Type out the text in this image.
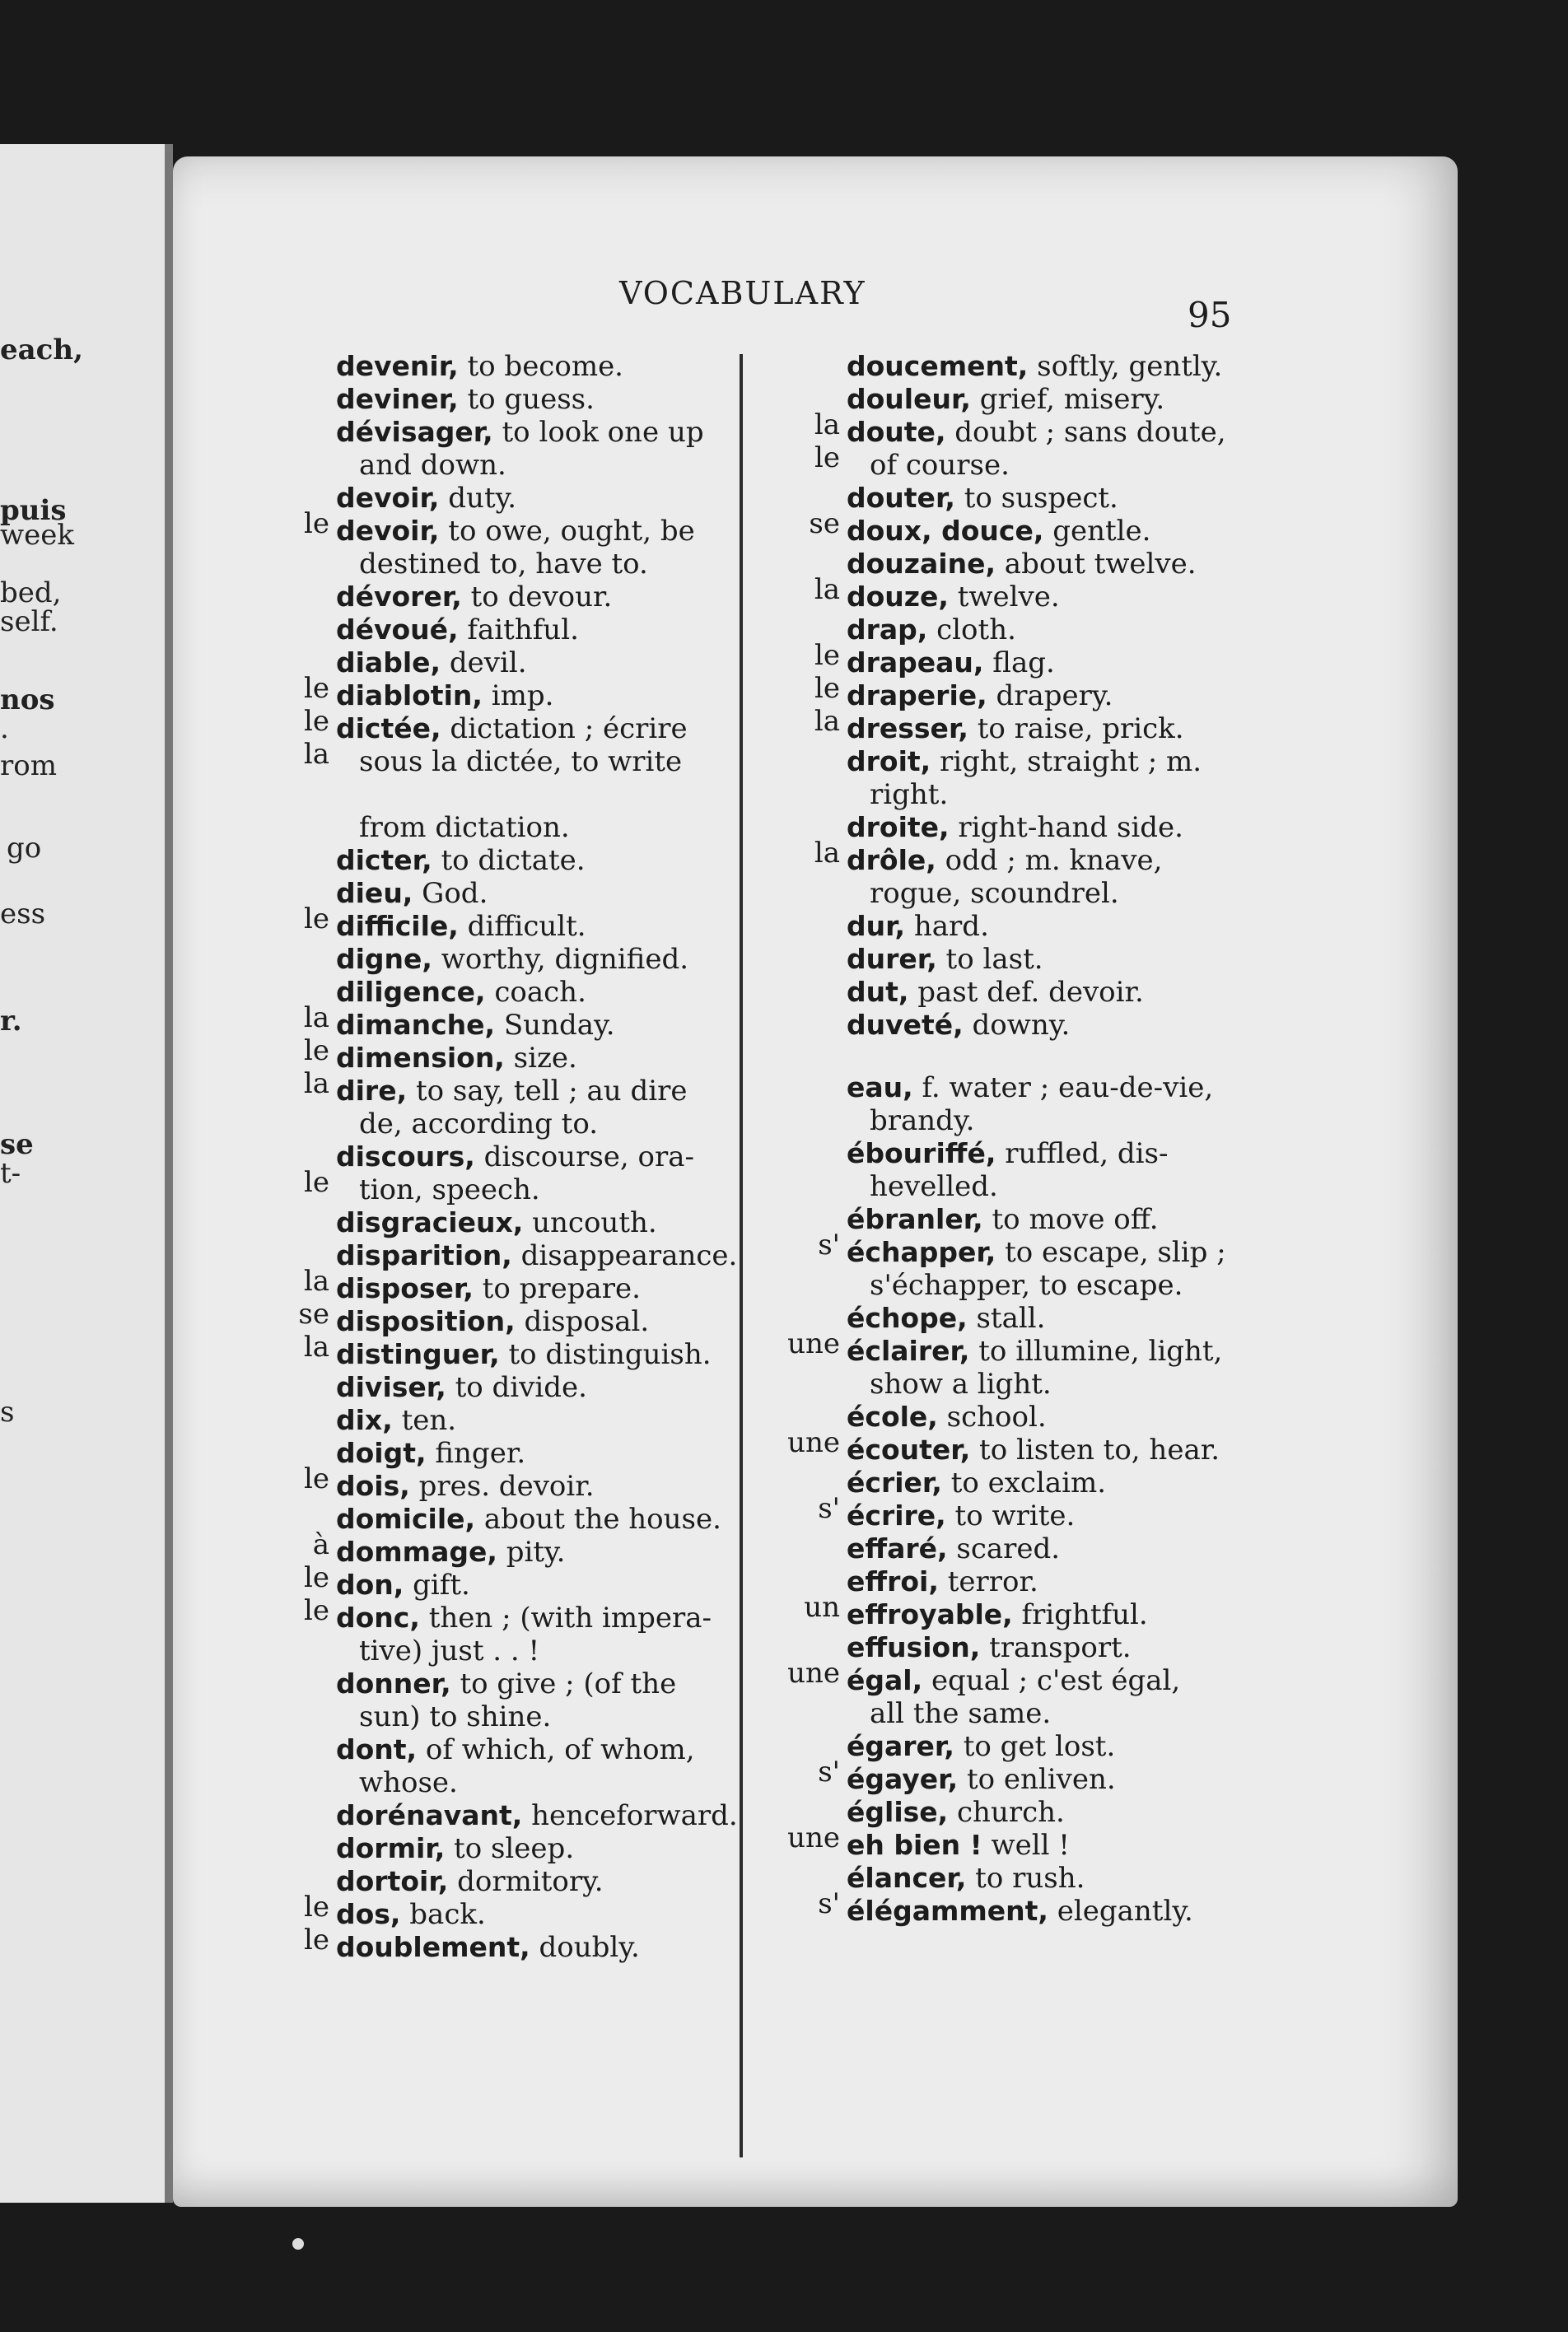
each,
puis
week
bed,
self.
nos
.
rom
go
ess
r.
se
t-
s
VOCABULARY
95
devenir, to become.
deviner, to guess.
dévisager, to look one up
and down.
le
devoir, duty.
devoir, to owe, ought, be
destined to, have to.
dévorer, to devour.
dévoué, faithful.
le
diable, devil.
le
diablotin, imp.
la
dictée, dictation ; écrire
sous la dictée, to write
from dictation.
dicter, to dictate.
le
dieu, God.
difficile, difficult.
digne, worthy, dignified.
la
diligence, coach.
le
dimanche, Sunday.
la
dimension, size.
dire, to say, tell ; au dire
de, according to.
le
discours, discourse, ora-
tion, speech.
disgracieux, uncouth.
la
disparition, disappearance.
se
disposer, to prepare.
la
disposition, disposal.
distinguer, to distinguish.
diviser, to divide.
dix, ten.
le
doigt, finger.
dois, pres. devoir.
à
domicile, about the house.
le
dommage, pity.
le
don, gift.
donc, then ; (with impera-
tive) just . . !
donner, to give ; (of the
sun) to shine.
dont, of which, of whom,
whose.
dorénavant, henceforward.
dormir, to sleep.
le
dortoir, dormitory.
le
dos, back.
doublement, doubly.
doucement, softly, gently.
la
douleur, grief, misery.
le
doute, doubt ; sans doute,
of course.
se
douter, to suspect.
doux, douce, gentle.
la
douzaine, about twelve.
douze, twelve.
le
drap, cloth.
le
drapeau, flag.
la
draperie, drapery.
dresser, to raise, prick.
droit, right, straight ; m.
right.
la
droite, right-hand side.
drôle, odd ; m. knave,
rogue, scoundrel.
dur, hard.
durer, to last.
dut, past def. devoir.
duveté, downy.
eau, f. water ; eau-de-vie,
brandy.
ébouriffé, ruffled, dis-
hevelled.
s'
ébranler, to move off.
échapper, to escape, slip ;
s'échapper, to escape.
une
échope, stall.
éclairer, to illumine, light,
show a light.
une
école, school.
écouter, to listen to, hear.
s'
écrier, to exclaim.
écrire, to write.
effaré, scared.
un
effroi, terror.
effroyable, frightful.
une
effusion, transport.
égal, equal ; c'est égal,
all the same.
s'
égarer, to get lost.
égayer, to enliven.
une
église, church.
eh bien ! well !
s'
élancer, to rush.
élégamment, elegantly.
